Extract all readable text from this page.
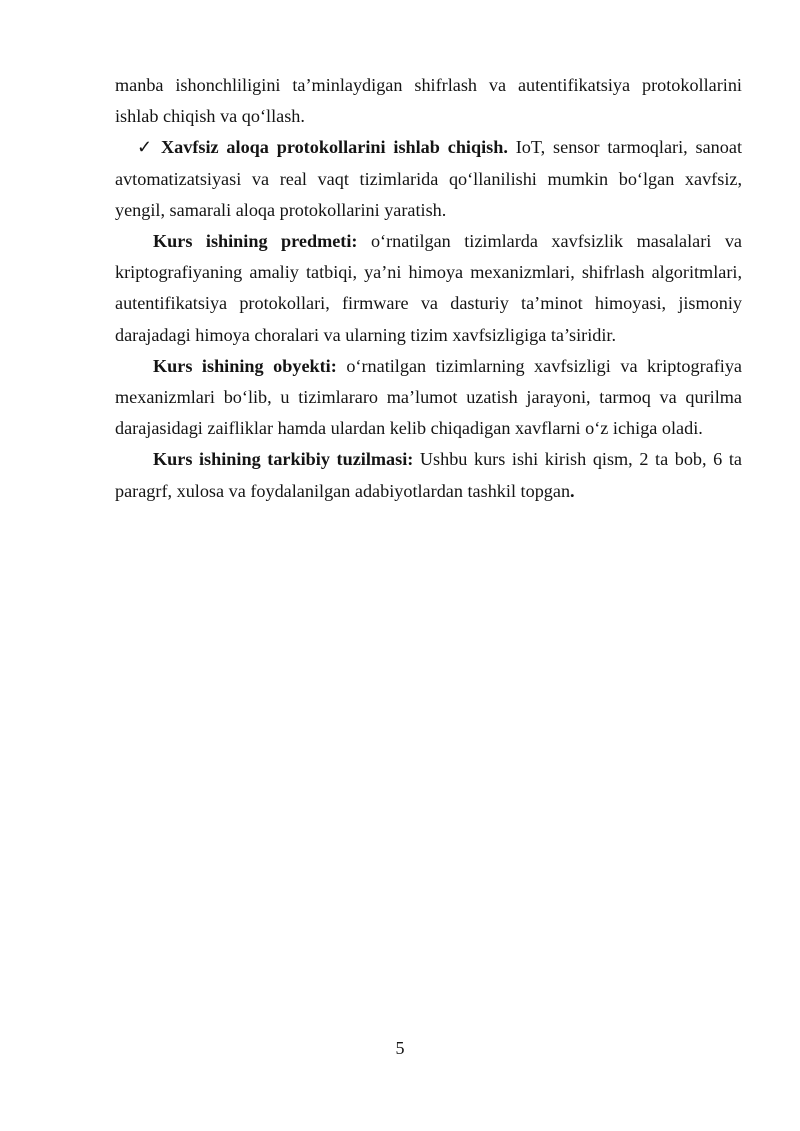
manba ishonchliligini ta’minlaydigan shifrlash va autentifikatsiya protokollarini ishlab chiqish va qo‘llash.

✓ Xavfsiz aloqa protokollarini ishlab chiqish. IoT, sensor tarmoqlari, sanoat avtomatizatsiyasi va real vaqt tizimlarida qo‘llanilishi mumkin bo‘lgan xavfsiz, yengil, samarali aloqa protokollarini yaratish.

Kurs ishining predmeti: o‘rnatilgan tizimlarda xavfsizlik masalalari va kriptografiyaning amaliy tatbiqi, ya’ni himoya mexanizmlari, shifrlash algoritmlari, autentifikatsiya protokollari, firmware va dasturiy ta’minot himoyasi, jismoniy darajadagi himoya choralari va ularning tizim xavfsizligiga ta’siridir.

Kurs ishining obyekti: o‘rnatilgan tizimlarning xavfsizligi va kriptografiya mexanizmlari bo‘lib, u tizimlararo ma’lumot uzatish jarayoni, tarmoq va qurilma darajasidagi zaifliklar hamda ulardan kelib chiqadigan xavflarni o‘z ichiga oladi.

Kurs ishining tarkibiy tuzilmasi: Ushbu kurs ishi kirish qism, 2 ta bob, 6 ta paragrf, xulosa va foydalanilgan adabiyotlardan tashkil topgan.

5
